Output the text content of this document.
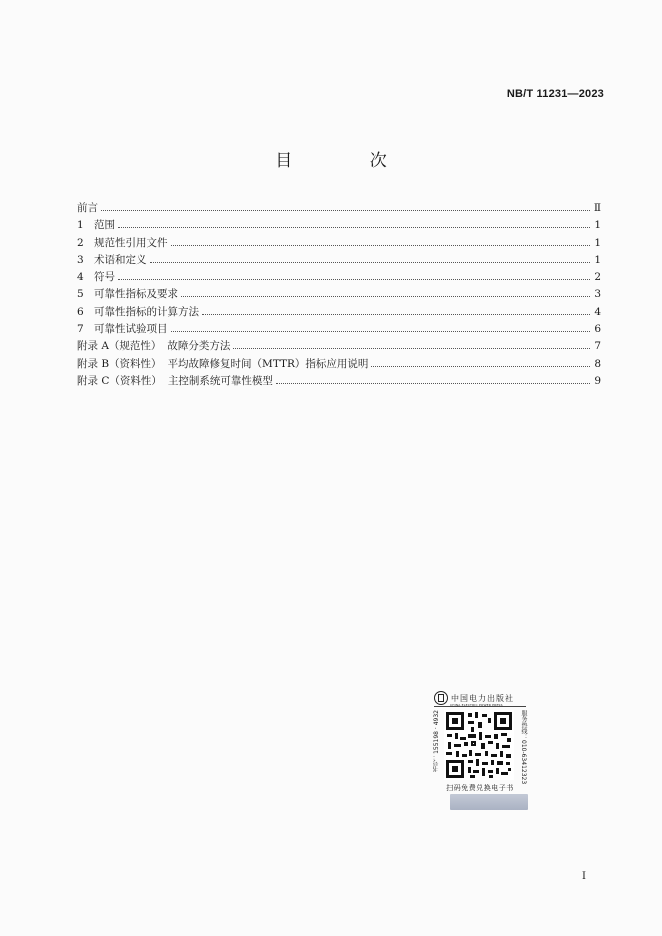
NB/T 11231—2023
目 次
前言	Ⅱ
1 范围	1
2 规范性引用文件	1
3 术语和定义	1
4 符号	2
5 可靠性指标及要求	3
6 可靠性指标的计算方法	4
7 可靠性试验项目	6
附录 A（规范性） 故障分类方法	7
附录 B（资料性） 平均故障修复时间（MTTR）指标应用说明	8
附录 C（资料性） 主控制系统可靠性模型	9
中国电力出版社
CHINA ELECTRIC POWER PRESS
书号：155198 · 4932	服务热线：010-63412323
扫码免费兑换电子书
I
